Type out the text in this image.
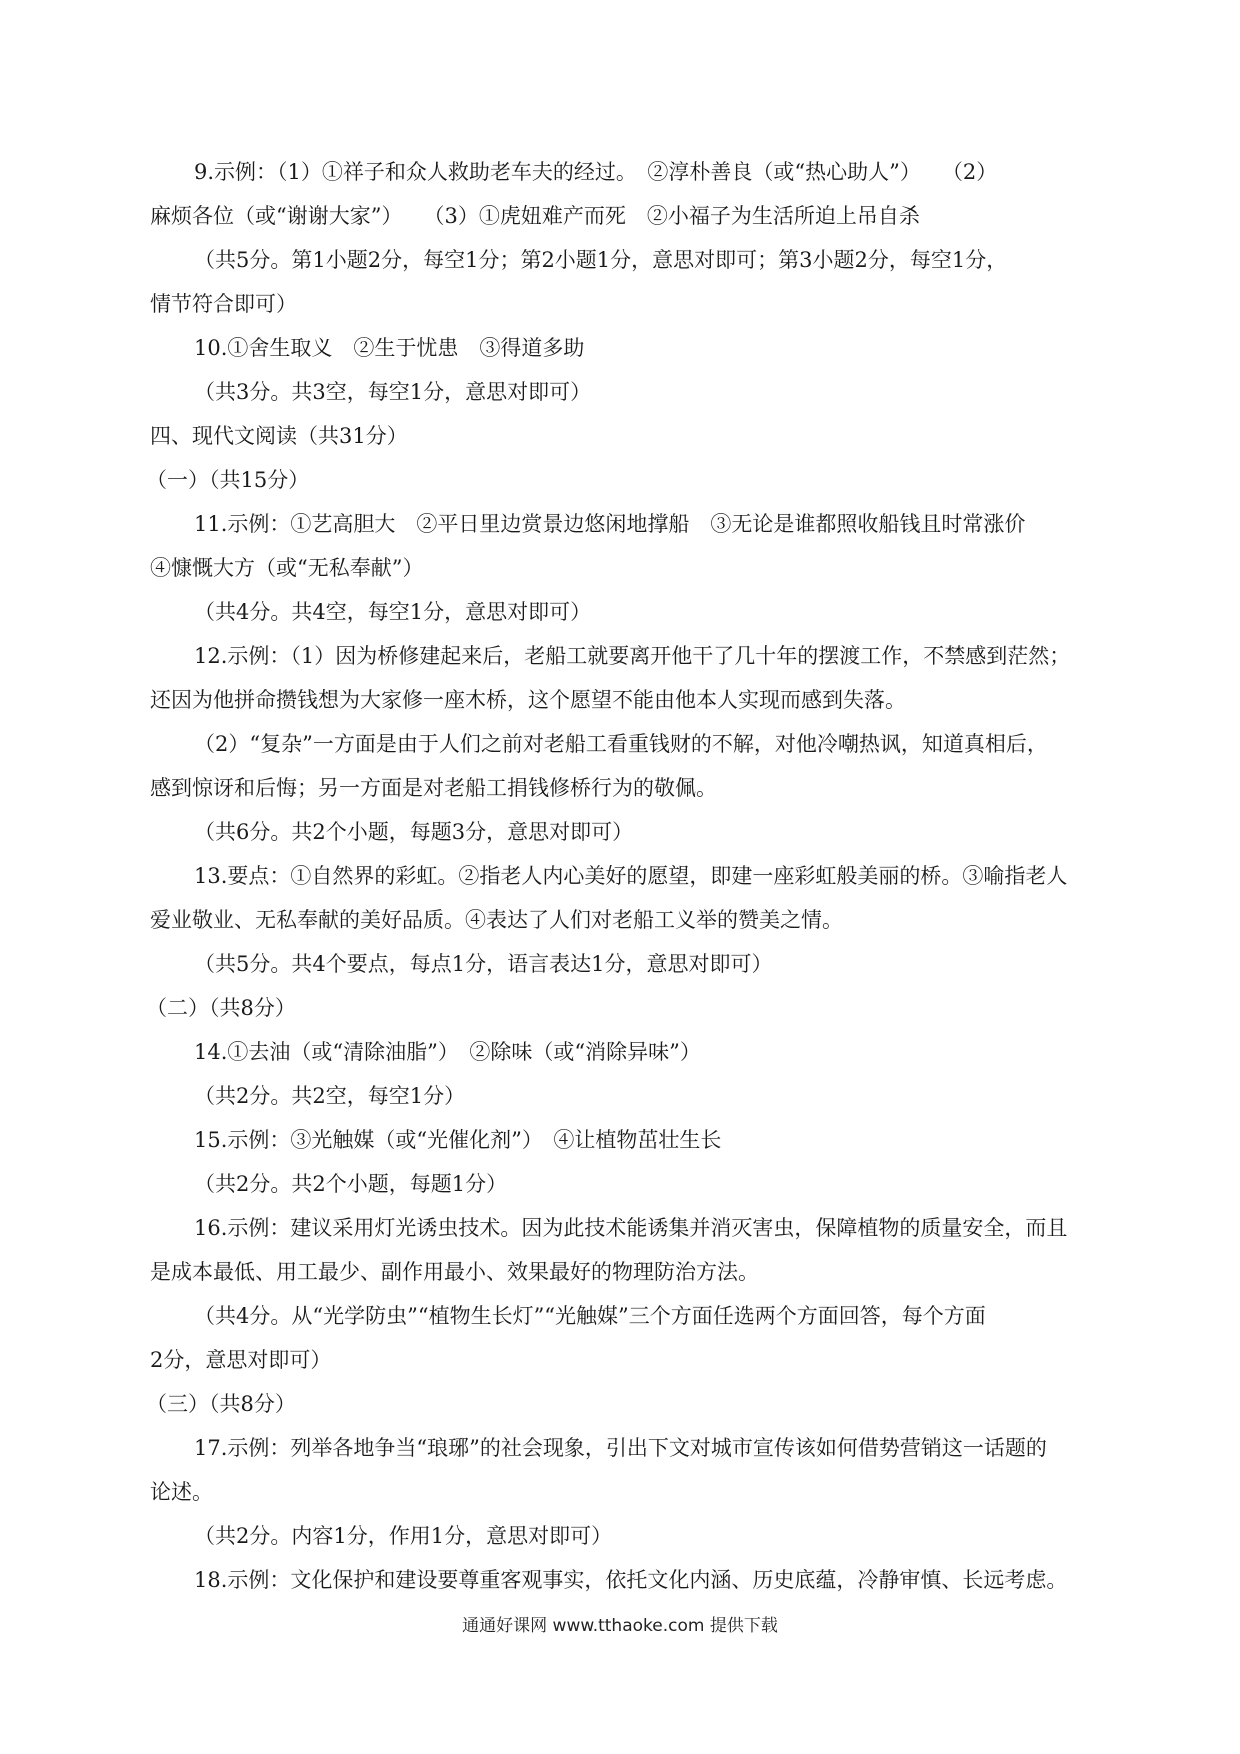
9.示例：（1）①祥子和众人救助老车夫的经过。　②淳朴善良（或“热心助人”）　　（2）
麻烦各位（或“谢谢大家”）　　（3）①虎妞难产而死　②小福子为生活所迫上吊自杀
（共5分。第1小题2分，每空1分；第2小题1分，意思对即可；第3小题2分，每空1分，
情节符合即可）
10.①舍生取义　②生于忧患　③得道多助
（共3分。共3空，每空1分，意思对即可）
四、现代文阅读（共31分）
（一）（共15分）
11.示例：①艺高胆大　②平日里边赏景边悠闲地撑船　③无论是谁都照收船钱且时常涨价
④慷慨大方（或“无私奉献”）
（共4分。共4空，每空1分，意思对即可）
12.示例：（1）因为桥修建起来后，老船工就要离开他干了几十年的摆渡工作，不禁感到茫然；
还因为他拼命攒钱想为大家修一座木桥，这个愿望不能由他本人实现而感到失落。
（2）“复杂”一方面是由于人们之前对老船工看重钱财的不解，对他冷嘲热讽，知道真相后，
感到惊讶和后悔；另一方面是对老船工捐钱修桥行为的敬佩。
（共6分。共2个小题，每题3分，意思对即可）
13.要点：①自然界的彩虹。②指老人内心美好的愿望，即建一座彩虹般美丽的桥。③喻指老人
爱业敬业、无私奉献的美好品质。④表达了人们对老船工义举的赞美之情。
（共5分。共4个要点，每点1分，语言表达1分，意思对即可）
（二）（共8分）
14.①去油（或“清除油脂”）　②除味（或“消除异味”）
（共2分。共2空，每空1分）
15.示例：③光触媒（或“光催化剂”）　④让植物茁壮生长
（共2分。共2个小题，每题1分）
16.示例：建议采用灯光诱虫技术。因为此技术能诱集并消灭害虫，保障植物的质量安全，而且
是成本最低、用工最少、副作用最小、效果最好的物理防治方法。
（共4分。从“光学防虫”“植物生长灯”“光触媒”三个方面任选两个方面回答，每个方面
2分，意思对即可）
（三）（共8分）
17.示例：列举各地争当“琅琊”的社会现象，引出下文对城市宣传该如何借势营销这一话题的
论述。
（共2分。内容1分，作用1分，意思对即可）
18.示例：文化保护和建设要尊重客观事实，依托文化内涵、历史底蕴，冷静审慎、长远考虑。
通通好课网 www.tthaoke.com 提供下载
